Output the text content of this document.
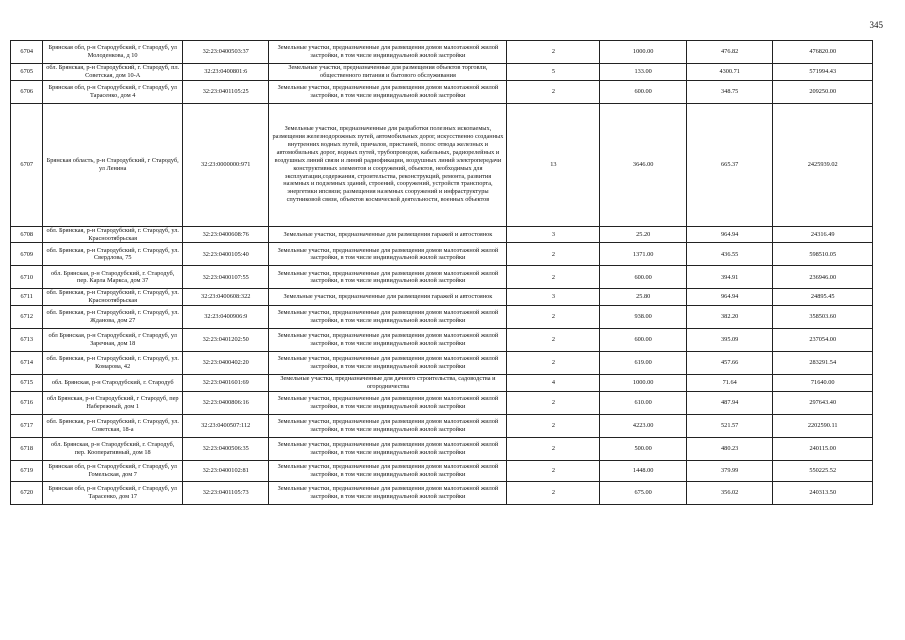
345
6704	Брянская обл, р-н Стародубский, г Стародуб, ул Молоденкова, д 10	32:23:0400503:37	Земельные участки, предназначенные для размещения домов малоэтажной жилой застройки, в том числе индивидуальной жилой застройки	2	1000.00	476.82	476820.00
6705	обл. Брянская, р-н Стародубский, г. Стародуб, пл. Советская, дом 10-А	32:23:0400801:6	Земельные участки, предназначенные для размещения объектов торговли, общественного питания и бытового обслуживания	5	133.00	4300.71	571994.43
6706	Брянская обл, р-н Стародубский, г Стародуб, ул Тарасенко, дом 4	32:23:0401105:25	Земельные участки, предназначенные для размещения домов малоэтажной жилой застройки, в том числе индивидуальной жилой застройки	2	600.00	348.75	209250.00
6707	Брянская область, р-н Стародубский, г Стародуб, ул Ленина	32:23:0000000:971	Земельные участки, предназначенные для разработки полезных ископаемых, размещения железнодорожных путей, автомобильных дорог, искусственно созданных внутренних водных путей, причалов, пристаней, полос отвода железных и автомобильных дорог, водных путей, трубопроводов, кабельных, радиорелейных и воздушных линий связи и линий радиофикации, воздушных линий электропередачи конструктивных элементов и сооружений, объектов, необходимых для эксплуатации,содержания, строительства, реконструкций, ремонта, развития наземных и подземных зданий, строений, сооружений, устройств транспорта, энергетики ипсвязи; размещения наземных сооружений и инфраструктуры спутниковой связи, объектов космической деятельности, военных объектов	13	3646.00	665.37	2425939.02
6708	обл. Брянская, р-н Стародубский, г. Стародуб, ул. Красноотябрьская	32:23:0400608:76	Земельные участки, предназначенные для размещения гаражей и автостоянок	3	25.20	964.94	24316.49
6709	обл. Брянская, р-н Стародубский, г. Стародуб, ул. Свердлова, 75	32:23:0400105:40	Земельные участки, предназначенные для размещения домов малоэтажной жилой застройки, в том числе индивидуальной жилой застройки	2	1371.00	436.55	598510.05
6710	обл. Брянская, р-н Стародубский, г. Стародуб, пер. Карла Маркса, дом 37	32:23:0400107:55	Земельные участки, предназначенные для размещения домов малоэтажной жилой застройки, в том числе индивидуальной жилой застройки	2	600.00	394.91	236946.00
6711	обл. Брянская, р-н Стародубский, г. Стародуб, ул. Красноотябрьская	32:23:0400608:322	Земельные участки, предназначенные для размещения гаражей и автостоянок	3	25.80	964.94	24895.45
6712	обл. Брянская, р-н Стародубский, г. Стародуб, ул. Жданова, дом 27	32:23:0400906:9	Земельные участки, предназначенные для размещения домов малоэтажной жилой застройки, в том числе индивидуальной жилой застройки	2	938.00	382.20	358503.60
6713	обл Брянская, р-н Стародубский, г Стародуб, ул Заречная, дом 18	32:23:0401202:50	Земельные участки, предназначенные для размещения домов малоэтажной жилой застройки, в том числе индивидуальной жилой застройки	2	600.00	395.09	237054.00
6714	обл. Брянская, р-н Стародубский, г. Стародуб, ул. Комарова, 42	32:23:0400402:20	Земельные участки, предназначенные для размещения домов малоэтажной жилой застройки, в том числе индивидуальной жилой застройки	2	619.00	457.66	283291.54
6715	обл. Брянская, р-н Стародубский, г. Стародуб	32:23:0401601:69	Земельные участки, предназначенные для дачного строительства, садоводства и огородничества	4	1000.00	71.64	71640.00
6716	обл Брянская, р-н Стародубский, г Стародуб, пер Набережный, дом 1	32:23:0400806:16	Земельные участки, предназначенные для размещения домов малоэтажной жилой застройки, в том числе индивидуальной жилой застройки	2	610.00	487.94	297643.40
6717	обл. Брянская, р-н Стародубский, г. Стародуб, ул. Советская, 18-а	32:23:0400507:112	Земельные участки, предназначенные для размещения домов малоэтажной жилой застройки, в том числе индивидуальной жилой застройки	2	4223.00	521.57	2202590.11
6718	обл. Брянская, р-н Стародубский, г. Стародуб, пер. Кооперативный, дом 18	32:23:0400506:35	Земельные участки, предназначенные для размещения домов малоэтажной жилой застройки, в том числе индивидуальной жилой застройки	2	500.00	480.23	240115.00
6719	Брянская обл, р-н Стародубский, г Стародуб, ул Гомельская, дом 7	32:23:0400102:81	Земельные участки, предназначенные для размещения домов малоэтажной жилой застройки, в том числе индивидуальной жилой застройки	2	1448.00	379.99	550225.52
6720	Брянская обл, р-н Стародубский, г Стародуб, ул Тарасенко, дом 17	32:23:0401105:73	Земельные участки, предназначенные для размещения домов малоэтажной жилой застройки, в том числе индивидуальной жилой застройки	2	675.00	356.02	240313.50
